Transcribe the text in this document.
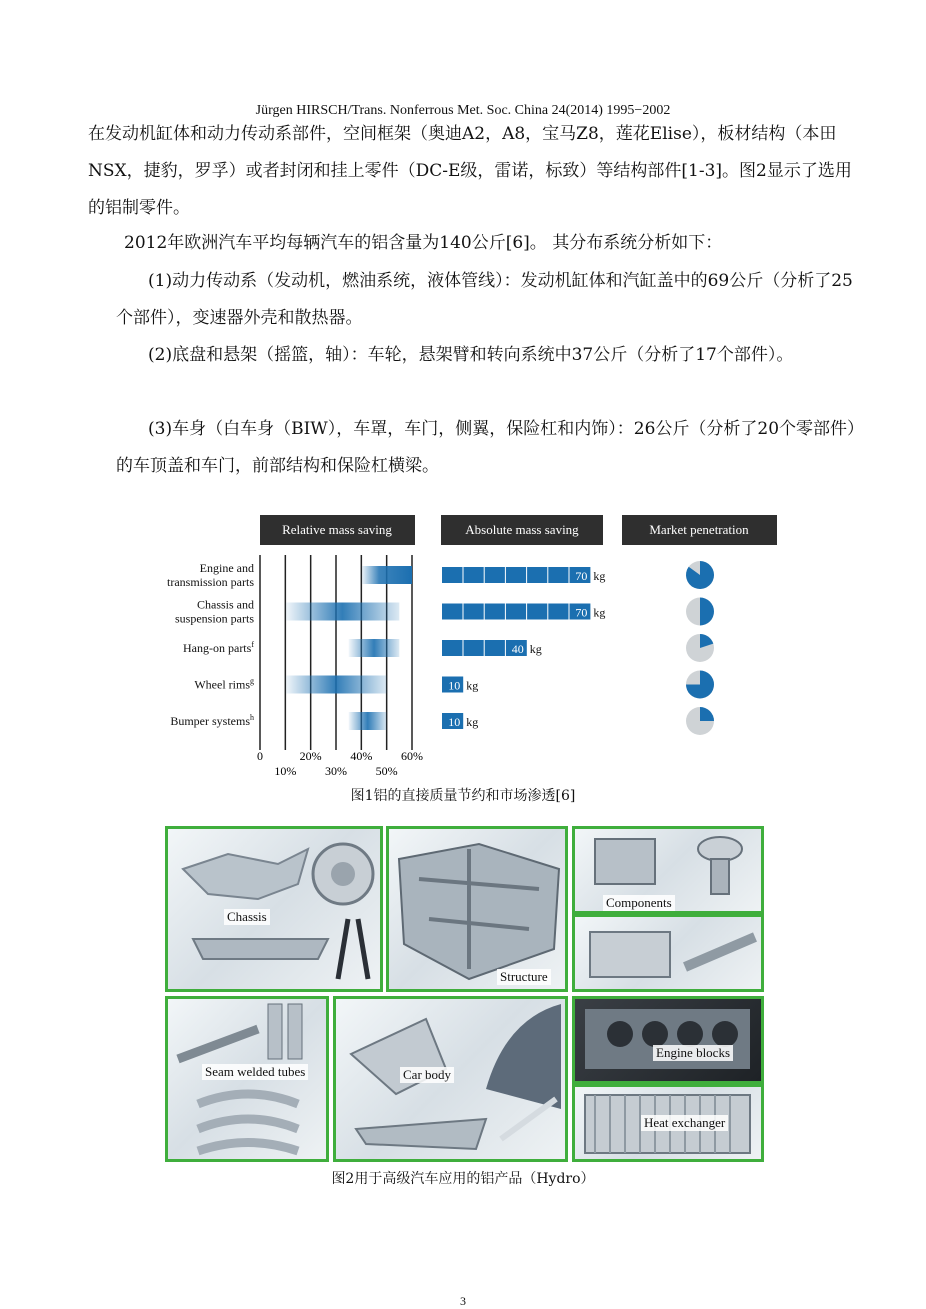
Jürgen HIRSCH/Trans. Nonferrous Met. Soc. China 24(2014) 1995−2002

在发动机缸体和动力传动系部件，空间框架（奥迪A2，A8，宝马Z8，莲花Elise），板材结构（本田NSX，捷豹，罗孚）或者封闭和挂上零件（DC-E级，雷诺，标致）等结构部件[1-3]。图2显示了选用的铝制零件。

2012年欧洲汽车平均每辆汽车的铝含量为140公斤[6]。 其分布系统分析如下：

(1)动力传动系（发动机，燃油系统，液体管线）：发动机缸体和汽缸盖中的69公斤（分析了25个部件），变速器外壳和散热器。

(2)底盘和悬架（摇篮，轴）：车轮，悬架臂和转向系统中37公斤（分析了17个部件）。

(3)车身（白车身（BIW），车罩，车门，侧翼，保险杠和内饰）：26公斤（分析了20个零部件）的车顶盖和车门，前部结构和保险杠横梁。

Relative mass saving	Absolute mass saving	Market penetration
Engine and
transmission parts
Chassis and
suspension parts
Hang-on parts$^f$
Wheel rims$^g$
Bumper systems$^h$
0	20% 40% 60%
10% 30% 50%
70 kg
70 kg
40 kg
10 kg
10 kg
图1铝的直接质量节约和市场渗透[6]
Chassis
Structure
Components
Seam welded tubes	Car body
Engine blocks
Heat exchanger
图2用于高级汽车应用的铝产品（Hydro）
3
